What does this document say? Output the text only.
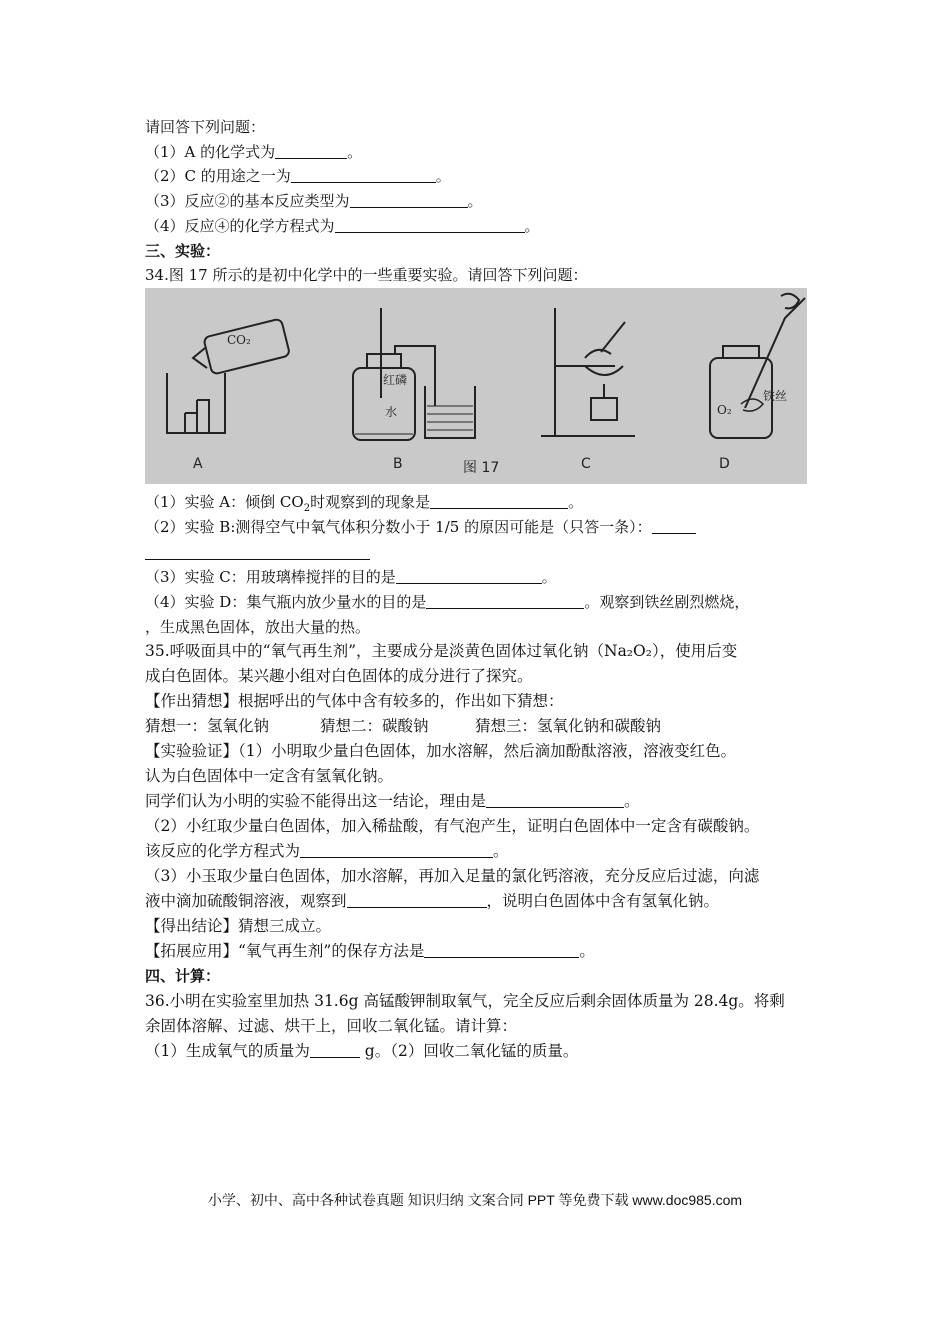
请回答下列问题：
（1）A 的化学式为	。
（2）C 的用途之一为	。
（3）反应②的基本反应类型为	。
（4）反应④的化学方程式为	。
三、实验：
34.图 17 所示的是初中化学中的一些重要实验。请回答下列问题：
CO₂
红磷
水	O₂
铁丝
A	B	图 17	C	D
（1）实验 A：倾倒 $CO_2$时观察到的现象是	。
（2）实验 B:测得空气中氧气体积分数小于 1/5 的原因可能是（只答一条）：
（3）实验 C：用玻璃棒搅拌的目的是	。
（4）实验 D：集气瓶内放少量水的目的是	。观察到铁丝剧烈燃烧，
，生成黑色固体，放出大量的热。
35.呼吸面具中的“氧气再生剂”，主要成分是淡黄色固体过氧化钠（Na₂O₂），使用后变
成白色固体。某兴趣小组对白色固体的成分进行了探究。
【作出猜想】根据呼出的气体中含有较多的，作出如下猜想：
猜想一：氢氧化钠	猜想二：碳酸钠	猜想三：氢氧化钠和碳酸钠
【实验验证】（1）小明取少量白色固体，加水溶解，然后滴加酚酞溶液，溶液变红色。
认为白色固体中一定含有氢氧化钠。
同学们认为小明的实验不能得出这一结论，理由是	。
（2）小红取少量白色固体，加入稀盐酸，有气泡产生，证明白色固体中一定含有碳酸钠。
该反应的化学方程式为	。
（3）小玉取少量白色固体，加水溶解，再加入足量的氯化钙溶液，充分反应后过滤，向滤
液中滴加硫酸铜溶液，观察到	，说明白色固体中含有氢氧化钠。
【得出结论】猜想三成立。
【拓展应用】“氧气再生剂”的保存方法是	。
四、计算：
36.小明在实验室里加热 31.6g 高锰酸钾制取氧气，完全反应后剩余固体质量为 28.4g。将剩
余固体溶解、过滤、烘干上，回收二氧化锰。请计算：
（1）生成氧气的质量为	g。（2）回收二氧化锰的质量。
小学、初中、高中各种试卷真题 知识归纳 文案合同 PPT 等免费下载 www.doc985.com
